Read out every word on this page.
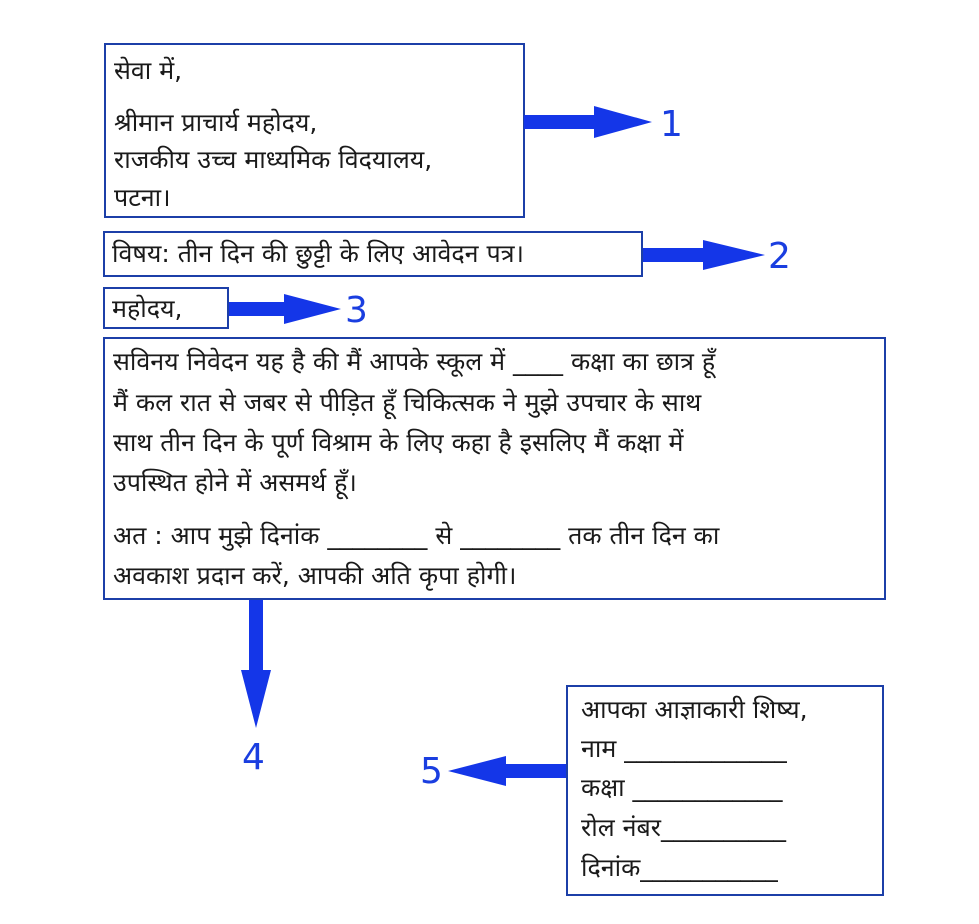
सेवा में,
श्रीमान प्राचार्य महोदय,
राजकीय उच्च माध्यमिक विदयालय,
पटना।
1
विषय: तीन दिन की छुट्टी के लिए आवेदन पत्र।	2
महोदय,	3
सविनय निवेदन यह है की मैं आपके स्कूल में ____ कक्षा का छात्र हूँ
मैं कल रात से जबर से पीड़ित हूँ चिकित्सक ने मुझे उपचार के साथ
साथ तीन दिन के पूर्ण विश्राम के लिए कहा है इसलिए मैं कक्षा में
उपस्थित होने में असमर्थ हूँ।
अत : आप मुझे दिनांक ________ से ________ तक तीन दिन का
अवकाश प्रदान करें, आपकी अति कृपा होगी।
4
आपका आज्ञाकारी शिष्य,
नाम _____________
कक्षा ____________
रोल नंबर__________
दिनांक___________
5
